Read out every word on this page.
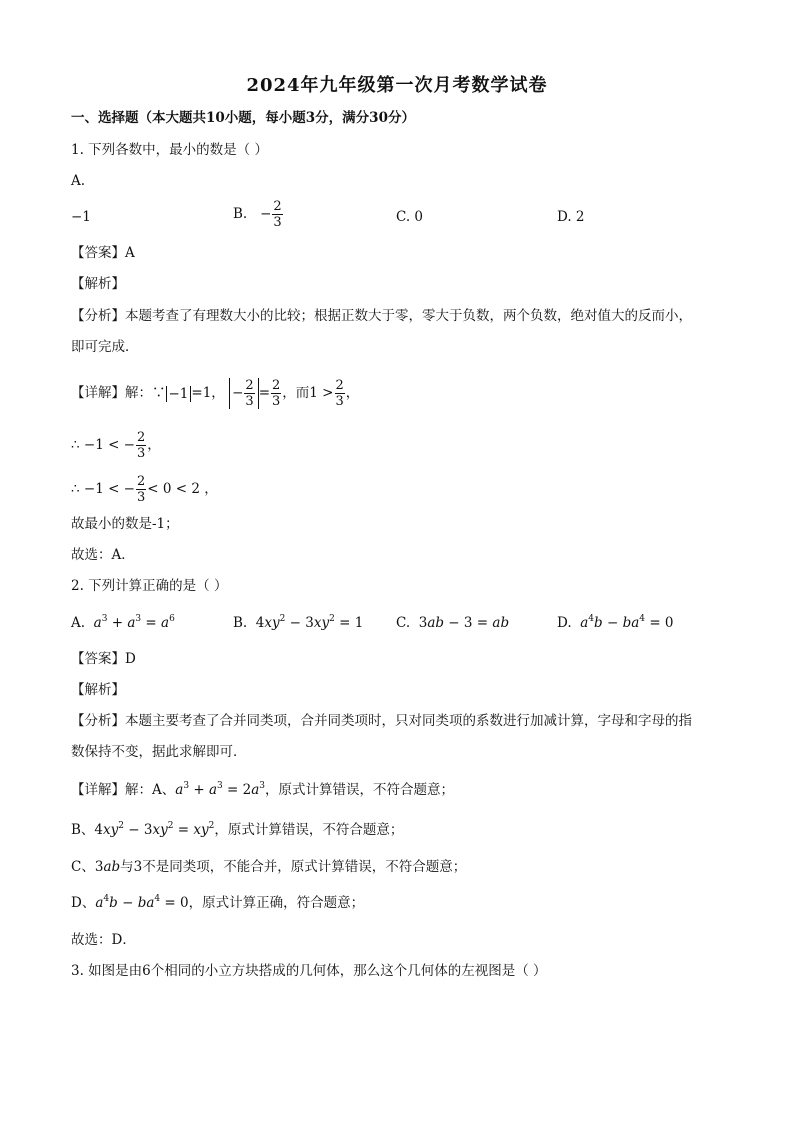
2024年九年级第一次月考数学试卷
一、选择题（本大题共10小题，每小题3分，满分30分）
1. 下列各数中，最小的数是（ ）
A.
−1	B. − $\frac{2}{3}$	C. 0	D. 2
【答案】A
【解析】
【分析】本题考查了有理数大小的比较；根据正数大于零，零大于负数，两个负数，绝对值大的反而小，
即可完成．
【详解】解：∵ −1 =1， − $\frac{2}{3} = \frac{2}{3}$ ，而$1 > \frac{2}{3}$ ，
∴ −1 < − $\frac{2}{3}$ ，
∴ −1 < − $\frac{2}{3} < 0 < 2$ ，
故最小的数是-1；
故选：A．
2. 下列计算正确的是（ ）
A. $a^3 + a^3 = a^6$	B.  $4xy^2 - 3xy^2 = 1$ C.  3ab − 3 = ab	D. $a^4b - ba^4 = 0$
【答案】D
【解析】
【分析】本题主要考查了合并同类项，合并同类项时，只对同类项的系数进行加减计算，字母和字母的指
数保持不变，据此求解即可．
【详解】解：A、$a^3 + a^3 = 2a^3$，原式计算错误，不符合题意；
B、$4xy^2 - 3xy^2 = xy^2$，原式计算错误，不符合题意；
C、3ab与3不是同类项，不能合并，原式计算错误，不符合题意；
D、$a^4b - ba^4 = 0$，原式计算正确，符合题意；
故选：D．
3. 如图是由6个相同的小立方块搭成的几何体，那么这个几何体的左视图是（ ）
